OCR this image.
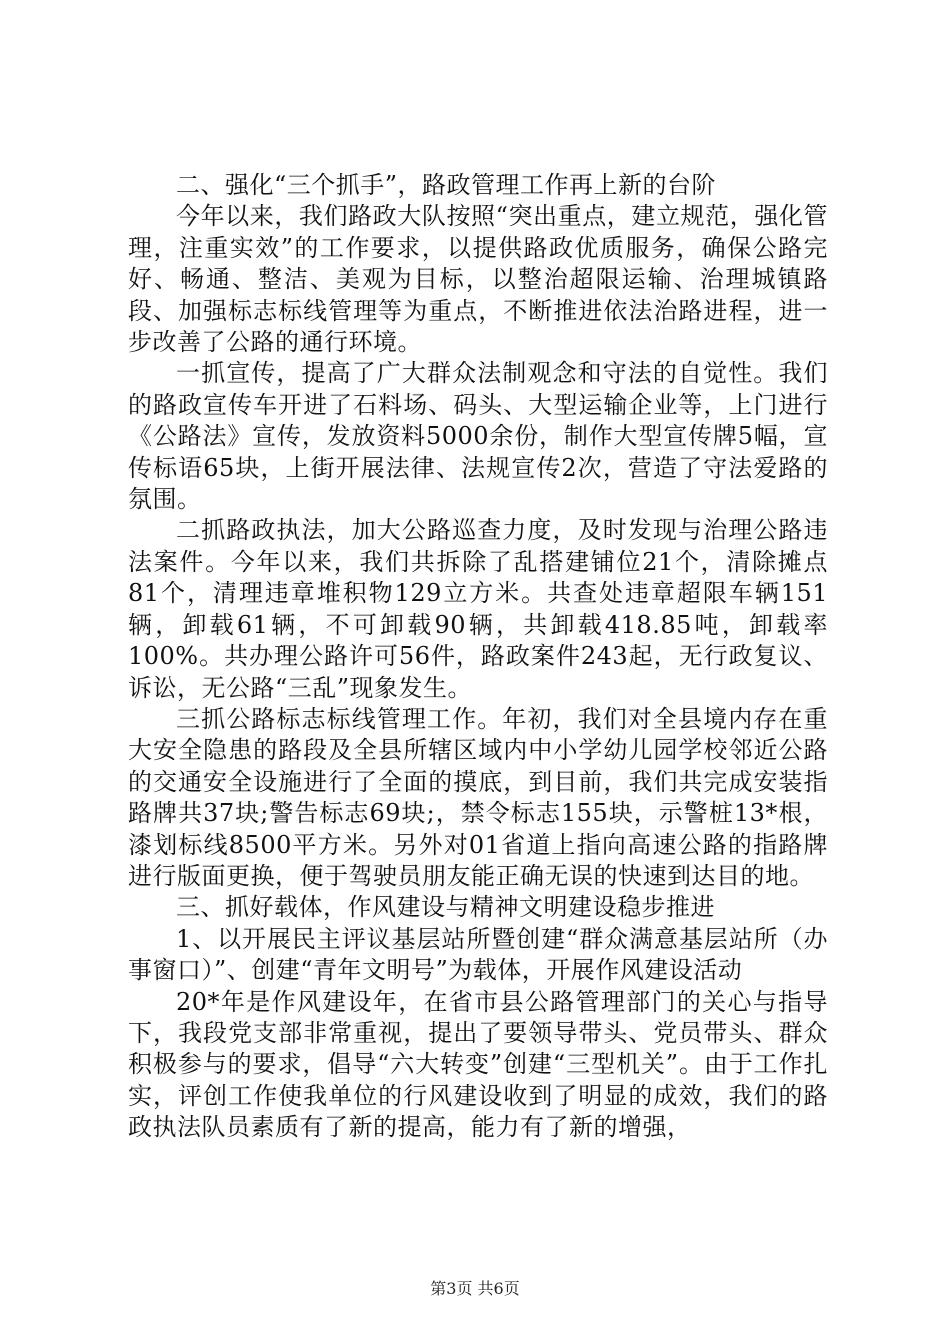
二、强化“三个抓手”，路政管理工作再上新的台阶

今年以来，我们路政大队按照“突出重点，建立规范，强化管理，注重实效”的工作要求，以提供路政优质服务，确保公路完好、畅通、整洁、美观为目标，以整治超限运输、治理城镇路段、加强标志标线管理等为重点，不断推进依法治路进程，进一步改善了公路的通行环境。

一抓宣传，提高了广大群众法制观念和守法的自觉性。我们的路政宣传车开进了石料场、码头、大型运输企业等，上门进行《公路法》宣传，发放资料5000余份，制作大型宣传牌5幅，宣传标语65块，上街开展法律、法规宣传2次，营造了守法爱路的氛围。

二抓路政执法，加大公路巡查力度，及时发现与治理公路违法案件。今年以来，我们共拆除了乱搭建铺位21个，清除摊点81个，清理违章堆积物129立方米。共查处违章超限车辆151辆，卸载61辆，不可卸载90辆，共卸载418.85吨，卸载率100%。共办理公路许可56件，路政案件243起，无行政复议、诉讼，无公路“三乱”现象发生。

三抓公路标志标线管理工作。年初，我们对全县境内存在重大安全隐患的路段及全县所辖区域内中小学幼儿园学校邻近公路的交通安全设施进行了全面的摸底，到目前，我们共完成安装指路牌共37块;警告标志69块;，禁令标志155块，示警桩13*根，漆划标线8500平方米。另外对01省道上指向高速公路的指路牌进行版面更换，便于驾驶员朋友能正确无误的快速到达目的地。

三、抓好载体，作风建设与精神文明建设稳步推进

1、以开展民主评议基层站所暨创建“群众满意基层站所（办事窗口）”、创建“青年文明号”为载体，开展作风建设活动

20*年是作风建设年，在省市县公路管理部门的关心与指导下，我段党支部非常重视，提出了要领导带头、党员带头、群众积极参与的要求，倡导“六大转变”创建“三型机关”。由于工作扎实，评创工作使我单位的行风建设收到了明显的成效，我们的路政执法队员素质有了新的提高，能力有了新的增强，

第3页 共6页
